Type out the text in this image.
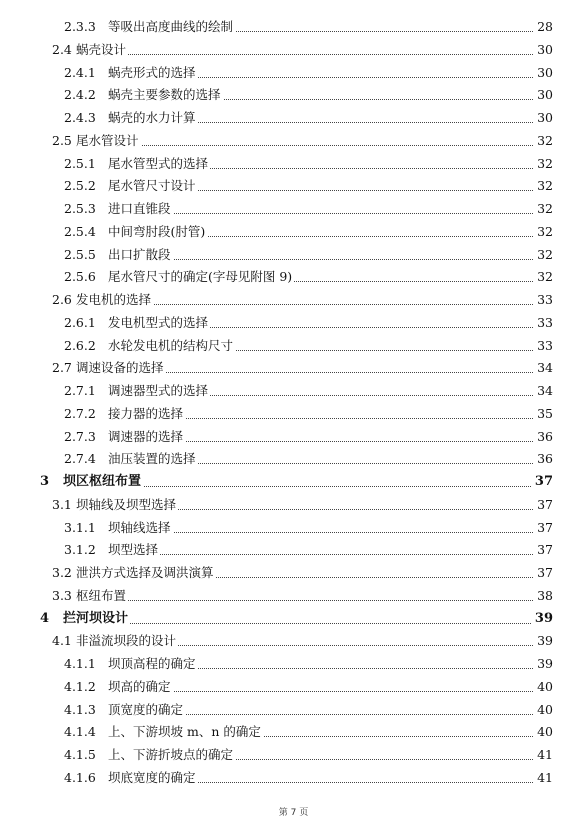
2.3.3 等吸出高度曲线的绘制	28
2.4 蜗壳设计	30
2.4.1 蜗壳形式的选择	30
2.4.2 蜗壳主要参数的选择	30
2.4.3 蜗壳的水力计算	30
2.5 尾水管设计	32
2.5.1 尾水管型式的选择	32
2.5.2 尾水管尺寸设计	32
2.5.3 进口直锥段	32
2.5.4 中间弯肘段(肘管)	32
2.5.5 出口扩散段	32
2.5.6 尾水管尺寸的确定(字母见附图 9)	32
2.6 发电机的选择	33
2.6.1 发电机型式的选择	33
2.6.2 水轮发电机的结构尺寸	33
2.7 调速设备的选择	34
2.7.1 调速器型式的选择	34
2.7.2 接力器的选择	35
2.7.3 调速器的选择	36
2.7.4 油压装置的选择	36
3 坝区枢纽布置	37
3.1 坝轴线及坝型选择	37
3.1.1 坝轴线选择	37
3.1.2 坝型选择	37
3.2 泄洪方式选择及调洪演算	37
3.3 枢纽布置	38
4 拦河坝设计	39
4.1 非溢流坝段的设计	39
4.1.1 坝顶高程的确定	39
4.1.2 坝高的确定	40
4.1.3 顶宽度的确定	40
4.1.4 上、下游坝坡 m、n 的确定	40
4.1.5 上、下游折坡点的确定	41
4.1.6 坝底宽度的确定	41
第 7 页
